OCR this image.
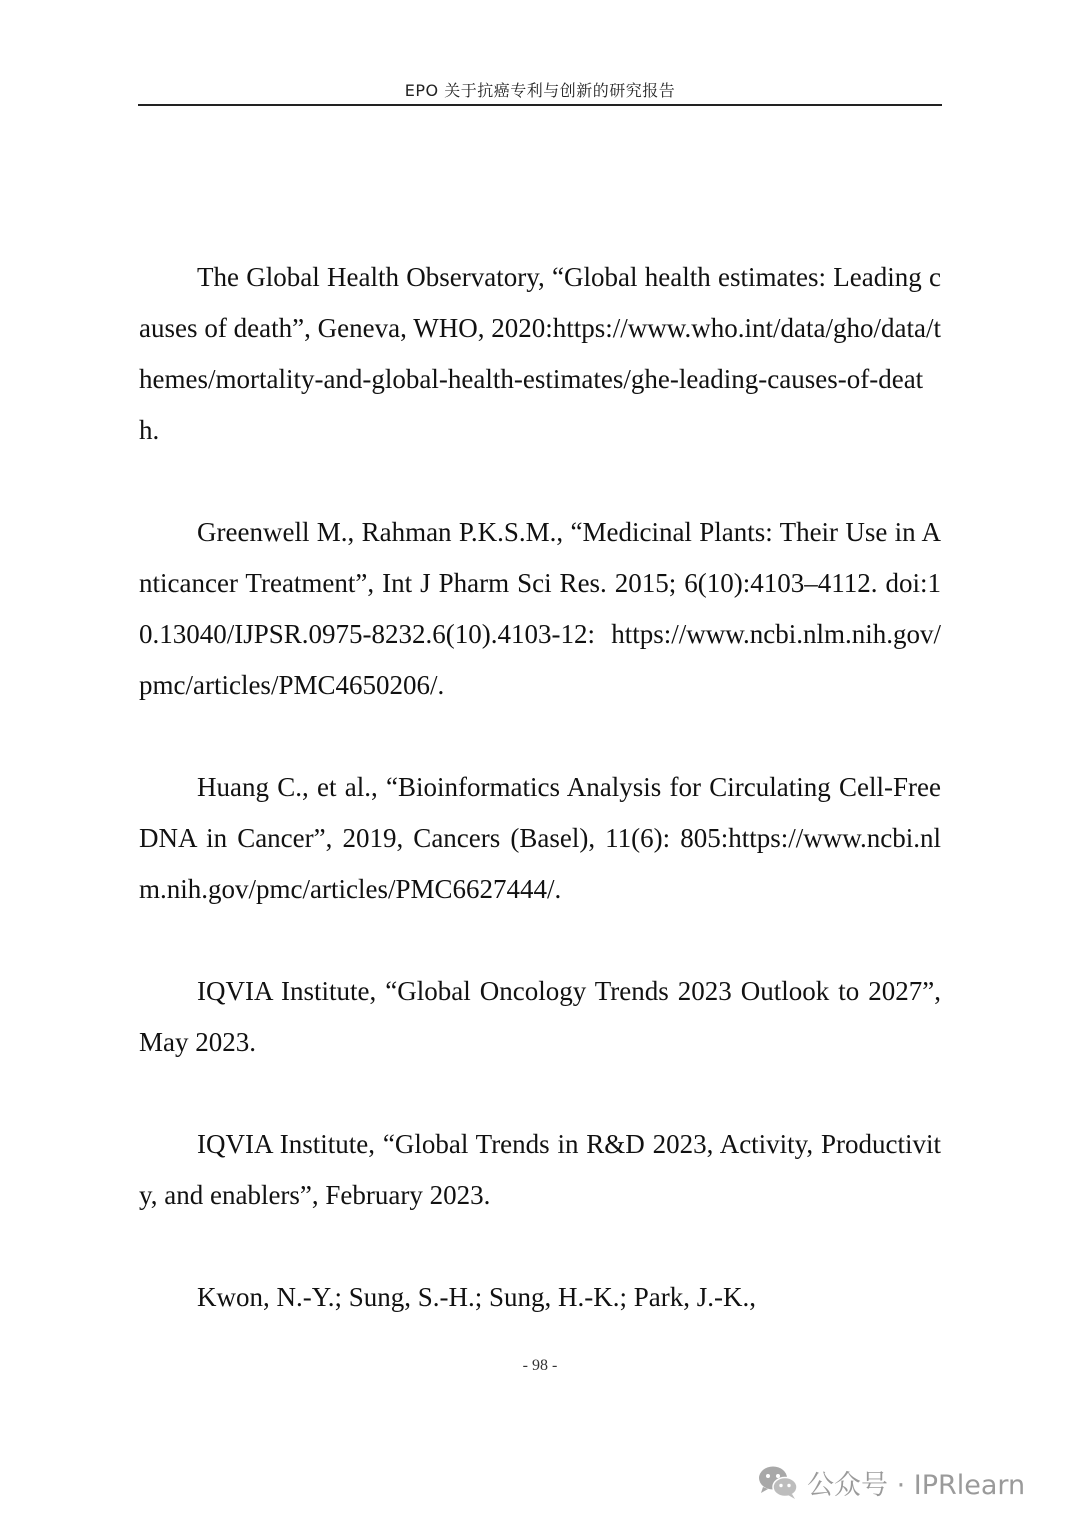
EPO 关于抗癌专利与创新的研究报告
The Global Health Observatory, “Global health estimates: Leading causes of death”, Geneva, WHO, 2020:https://www.who.int/data/gho/data/themes/mortality-and-global-health-estimates/ghe-leading-causes-of-death.
Greenwell M., Rahman P.K.S.M., “Medicinal Plants: Their Use in Anticancer Treatment”, Int J Pharm Sci Res. 2015; 6(10):4103–4112. doi:10.13040/IJPSR.0975-8232.6(10).4103-12: https://www.ncbi.nlm.nih.gov/pmc/articles/PMC4650206/.
Huang C., et al., “Bioinformatics Analysis for Circulating Cell-Free DNA in Cancer”, 2019, Cancers (Basel), 11(6): 805:https://www.ncbi.nlm.nih.gov/pmc/articles/PMC6627444/.
IQVIA Institute, “Global Oncology Trends 2023 Outlook to 2027”, May 2023.
IQVIA Institute, “Global Trends in R&D 2023, Activity, Productivity, and enablers”, February 2023.
Kwon, N.-Y.; Sung, S.-H.; Sung, H.-K.; Park, J.-K.,
- 98 -
公众号 · IPRlearn
